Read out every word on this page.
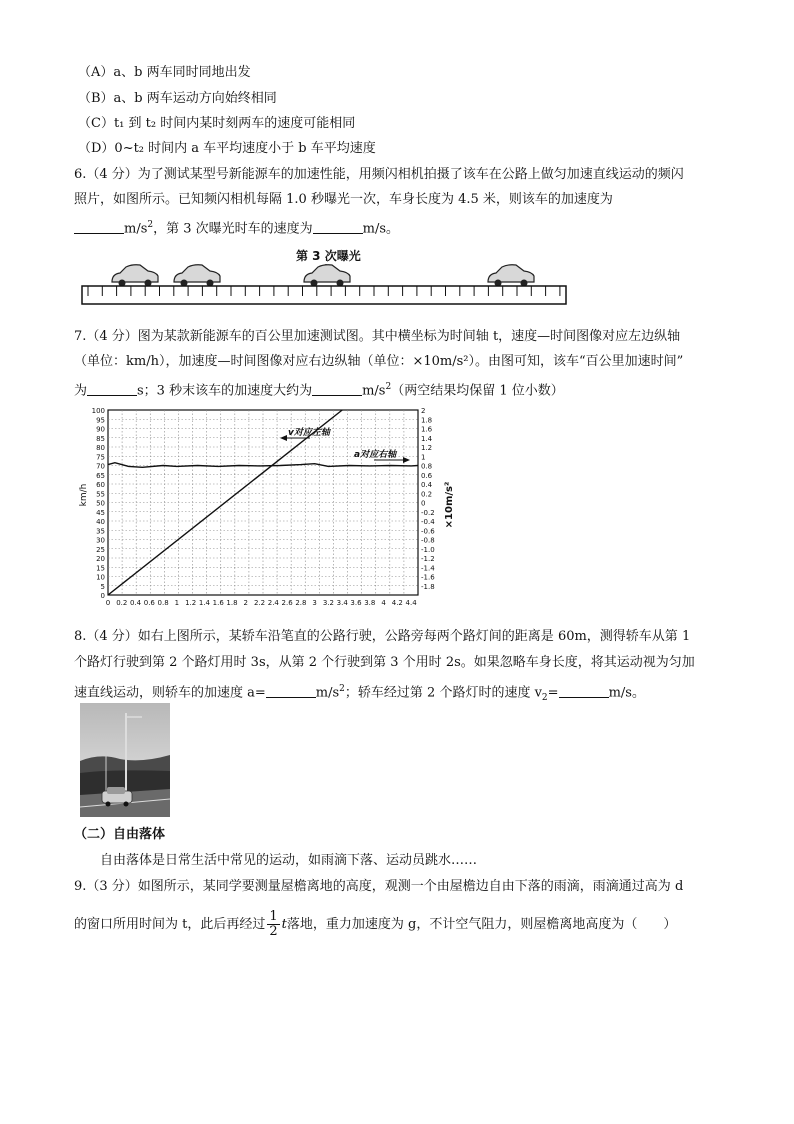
（A）a、b 两车同时同地出发
（B）a、b 两车运动方向始终相同
（C）t₁ 到 t₂ 时间内某时刻两车的速度可能相同
（D）0~t₂ 时间内 a 车平均速度小于 b 车平均速度
6.（4 分）为了测试某型号新能源车的加速性能，用频闪相机拍摄了该车在公路上做匀加速直线运动的频闪
照片，如图所示。已知频闪相机每隔 1.0 秒曝光一次，车身长度为 4.5 米，则该车的加速度为
$m/s^2$，第 3 次曝光时车的速度为	m/s。
第 3 次曝光
7.（4 分）图为某款新能源车的百公里加速测试图。其中横坐标为时间轴 t，速度—时间图像对应左边纵轴
（单位：km/h），加速度—时间图像对应右边纵轴（单位：×10m/s²）。由图可知，该车“百公里加速时间”
为	s；3 秒末该车的加速度大约为	$m/s^2$（两空结果均保留 1 位小数）
km/h	×10m/s²
100
95
90
85
80
75
70
65
60
55
50
45
40
35
30
25
20
15
10
5
0
2
1.8
1.6
1.4
1.2
1
0.8
0.6
0.4
0.2
0
-0.2
-0.4
-0.6
-0.8
-1.0
-1.2
-1.4
-1.6
-1.8
0 0.2 0.4 0.6 0.8 1 1.2 1.4 1.6 1.8 2 2.2 2.4 2.6 2.8 3 3.2 3.4 3.6 3.8 4 4.2 4.4
v对应左轴
a对应右轴
8.（4 分）如右上图所示，某轿车沿笔直的公路行驶，公路旁每两个路灯间的距离是 60m，测得轿车从第 1
个路灯行驶到第 2 个路灯用时 3s，从第 2 个行驶到第 3 个用时 2s。如果忽略车身长度，将其运动视为匀加
速直线运动，则轿车的加速度 a=	$m/s^2$；轿车经过第 2 个路灯时的速度 $v_2=$	m/s。
（二）自由落体
自由落体是日常生活中常见的运动，如雨滴下落、运动员跳水……
9.（3 分）如图所示，某同学要测量屋檐离地的高度，观测一个由屋檐边自由下落的雨滴，雨滴通过高为 d
的窗口所用时间为 t，此后再经过 $\frac{1}{2}$ t落地，重力加速度为 g，不计空气阻力，则屋檐离地高度为（　　）
